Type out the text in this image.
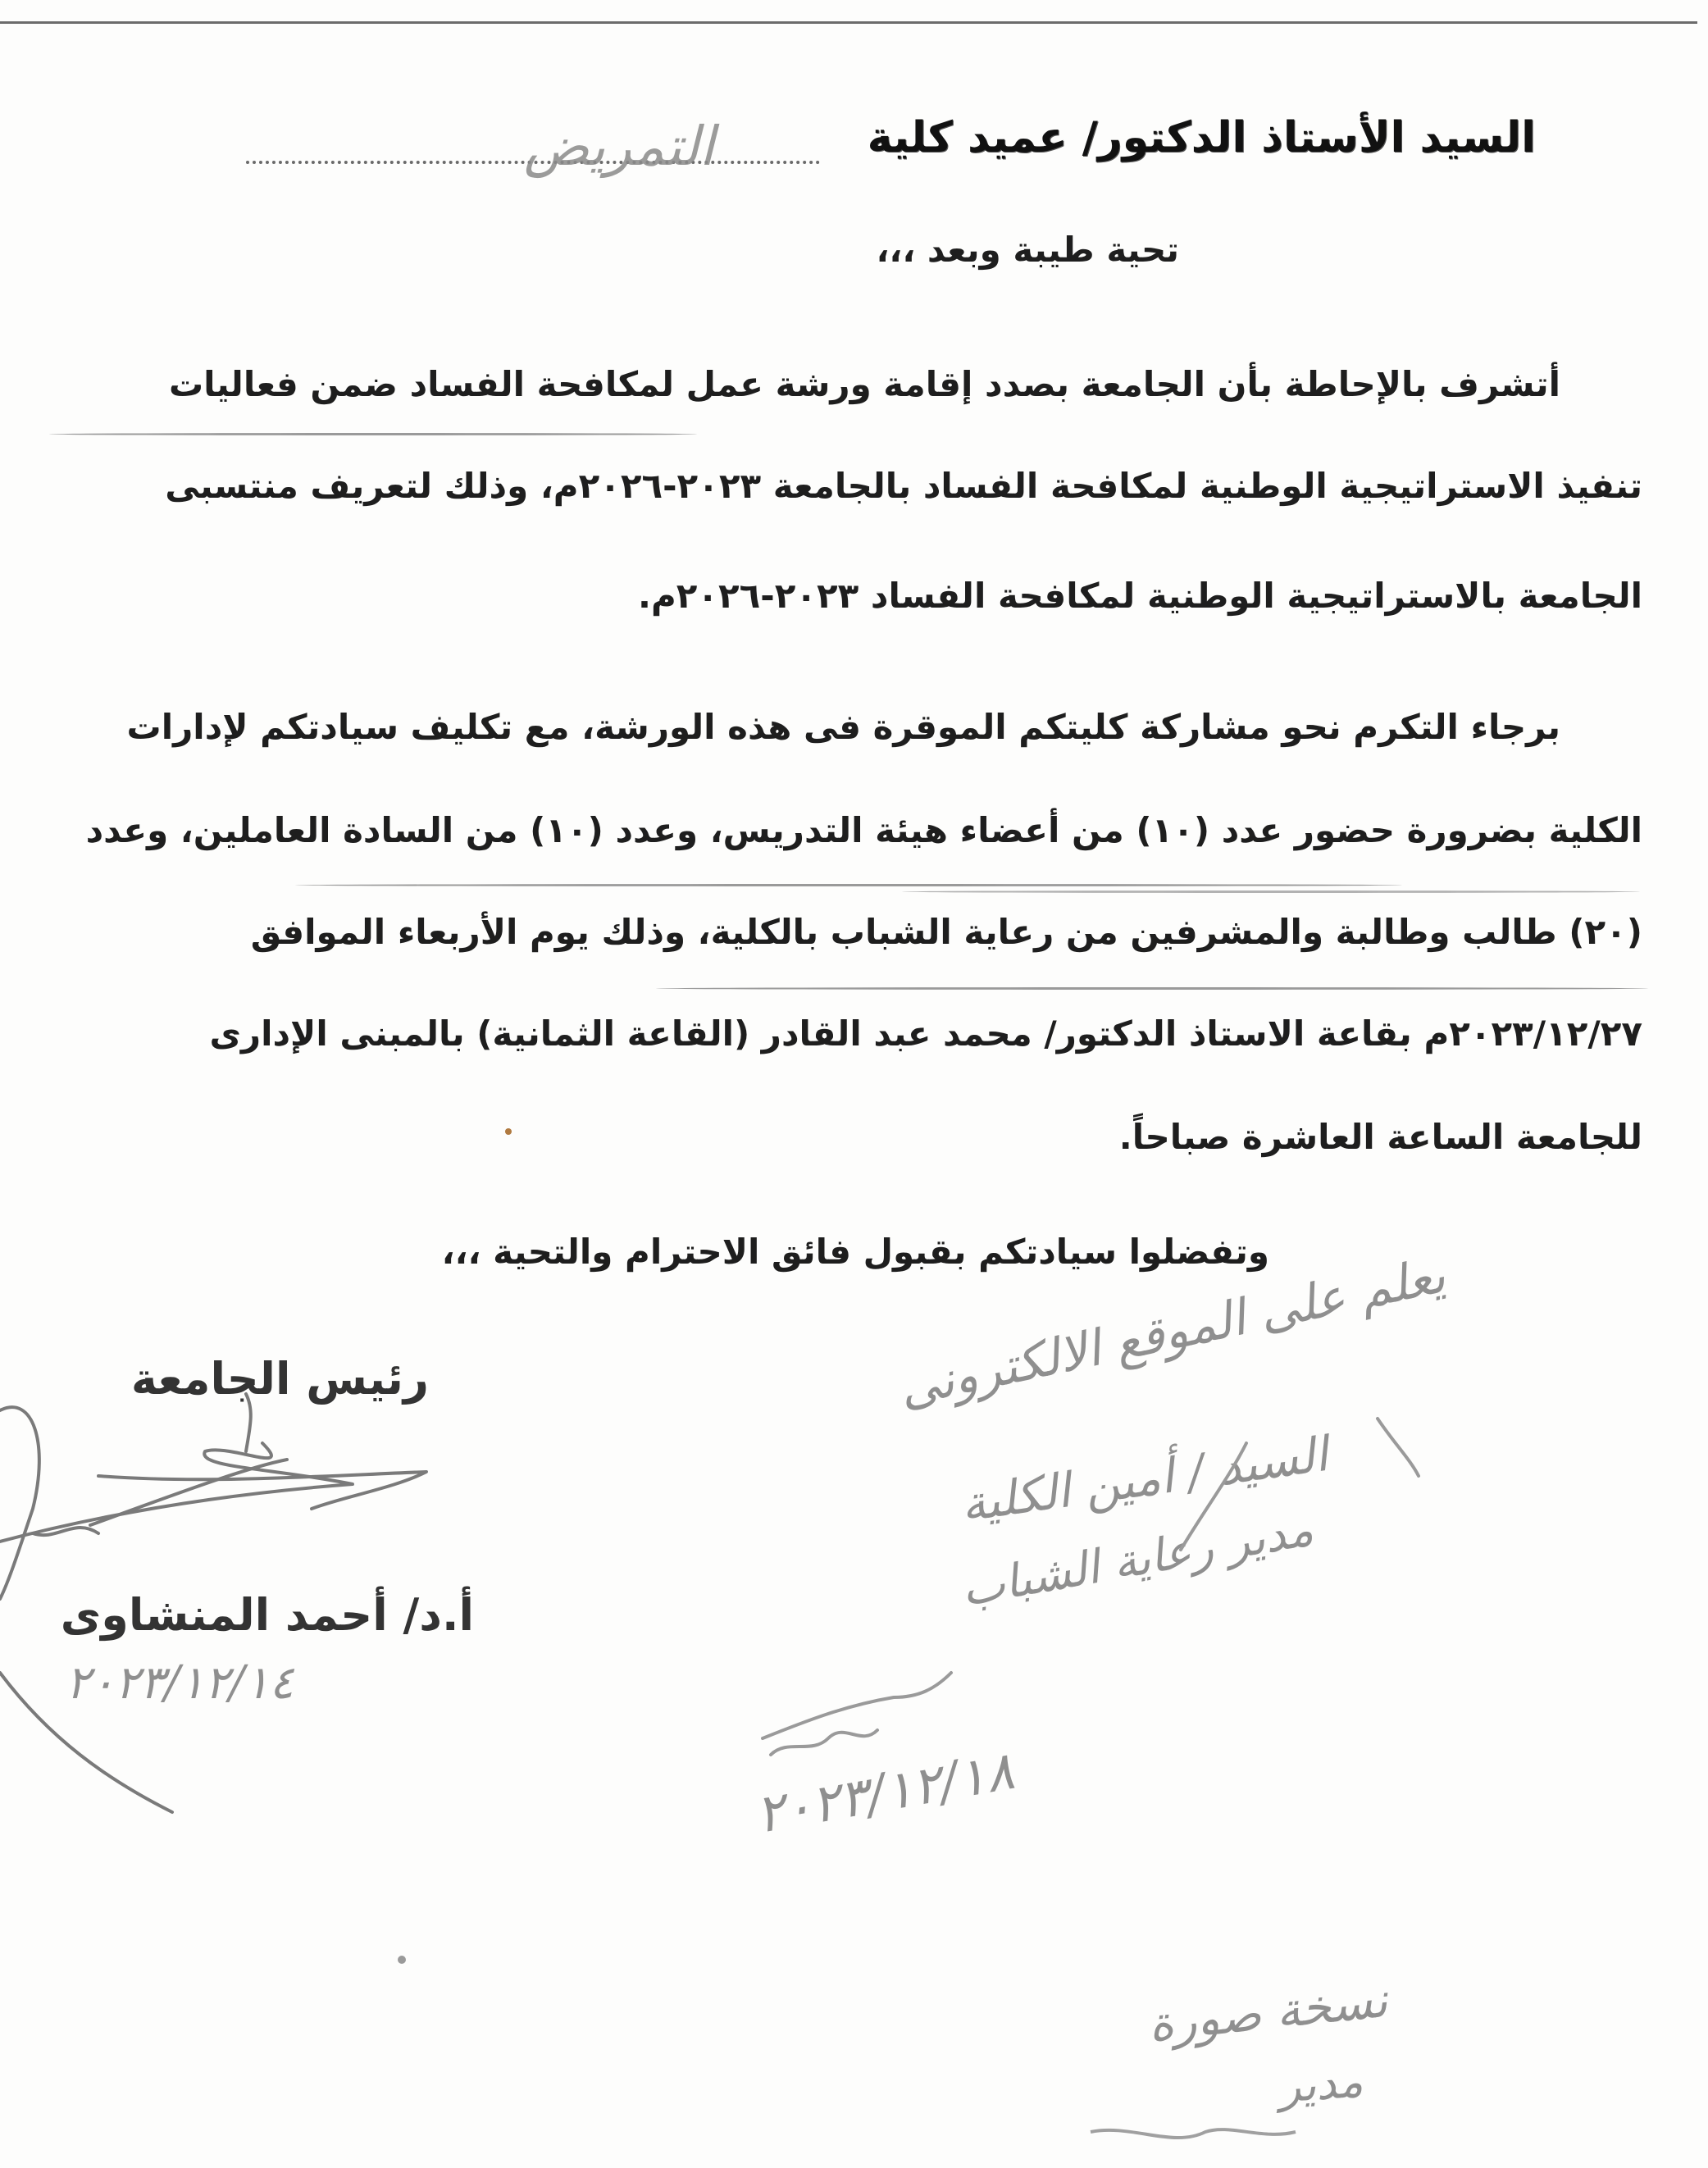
السيد الأستاذ الدكتور/ عميد كلية
التمريض
تحية طيبة وبعد ،،،
أتشرف بالإحاطة بأن الجامعة بصدد إقامة ورشة عمل لمكافحة الفساد ضمن فعاليات
تنفيذ الاستراتيجية الوطنية لمكافحة الفساد بالجامعة ٢٠٢٣-٢٠٢٦م، وذلك لتعريف منتسبى
الجامعة بالاستراتيجية الوطنية لمكافحة الفساد ٢٠٢٣-٢٠٢٦م.
برجاء التكرم نحو مشاركة كليتكم الموقرة فى هذه الورشة، مع تكليف سيادتكم لإدارات
الكلية بضرورة حضور عدد (١٠) من أعضاء هيئة التدريس، وعدد (١٠) من السادة العاملين، وعدد
(٢٠) طالب وطالبة والمشرفين من رعاية الشباب بالكلية، وذلك يوم الأربعاء الموافق
٢٠٢٣/١٢/٢٧م بقاعة الاستاذ الدكتور/ محمد عبد القادر (القاعة الثمانية) بالمبنى الإدارى
للجامعة الساعة العاشرة صباحاً.
وتفضلوا سيادتكم بقبول فائق الاحترام والتحية ،،،
رئيس الجامعة
أ.د/ أحمد المنشاوى
٢٠٢٣/١٢/١٤
يعلم على الموقع الالكترونى
السيد / أمين الكلية
مدير رعاية الشباب
٢٠٢٣/١٢/١٨
نسخة صورة
مدير
